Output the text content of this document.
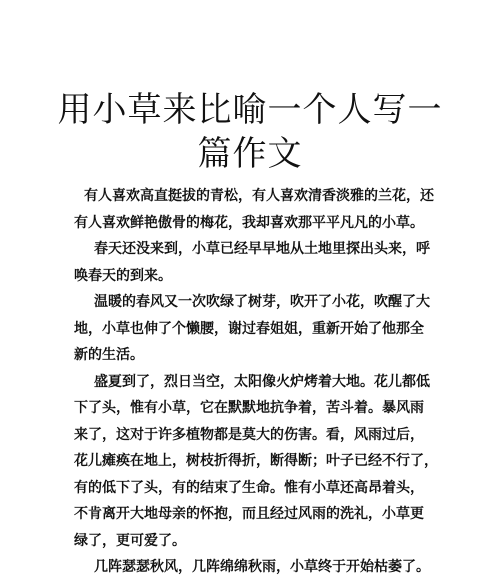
用小草来比喻一个人写一
篇作文
有人喜欢高直挺拔的青松，有人喜欢清香淡雅的兰花，还
有人喜欢鲜艳傲骨的梅花，我却喜欢那平平凡凡的小草。
春天还没来到，小草已经早早地从土地里探出头来，呼
唤春天的到来。
温暖的春风又一次吹绿了树芽，吹开了小花，吹醒了大
地，小草也伸了个懒腰，谢过春姐姐，重新开始了他那全
新的生活。
盛夏到了，烈日当空，太阳像火炉烤着大地。花儿都低
下了头，惟有小草，它在默默地抗争着，苦斗着。暴风雨
来了，这对于许多植物都是莫大的伤害。看，风雨过后，
花儿瘫痪在地上，树枝折得折，断得断；叶子已经不行了，
有的低下了头，有的结束了生命。惟有小草还高昂着头，
不肯离开大地母亲的怀抱，而且经过风雨的洗礼，小草更
绿了，更可爱了。
几阵瑟瑟秋风，几阵绵绵秋雨，小草终于开始枯萎了。
